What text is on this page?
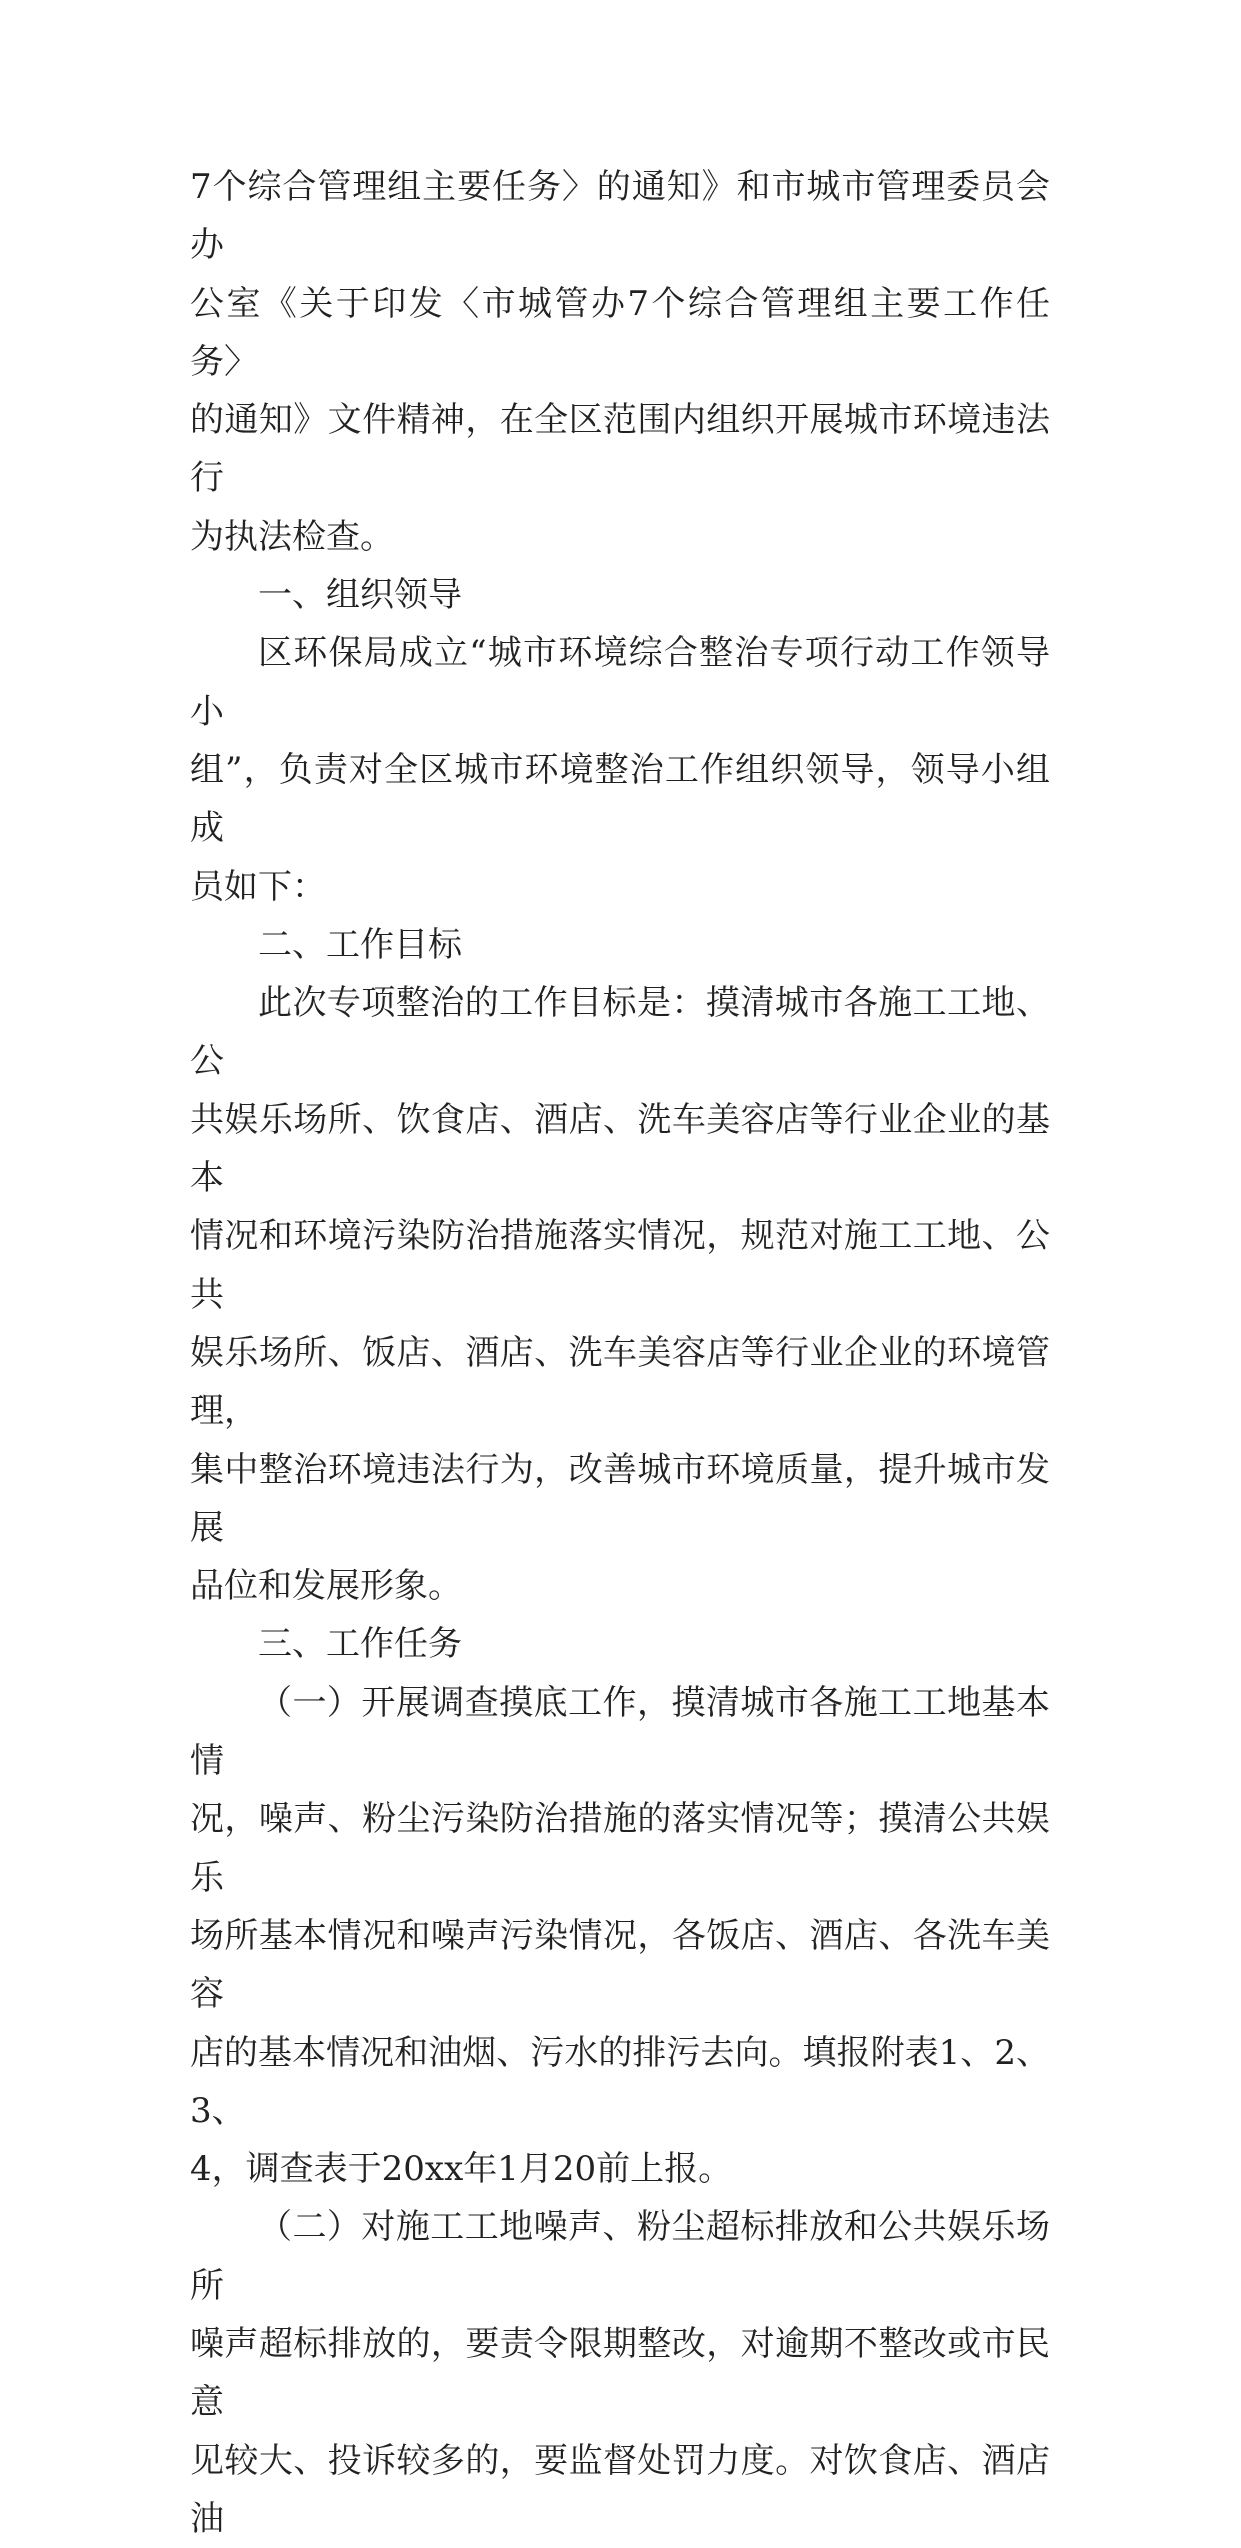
7个综合管理组主要任务〉的通知》和市城市管理委员会办
公室《关于印发〈市城管办7个综合管理组主要工作任务〉
的通知》文件精神，在全区范围内组织开展城市环境违法行
为执法检查。

一、组织领导

区环保局成立“城市环境综合整治专项行动工作领导小
组”，负责对全区城市环境整治工作组织领导，领导小组成
员如下：

二、工作目标

此次专项整治的工作目标是：摸清城市各施工工地、公
共娱乐场所、饮食店、酒店、洗车美容店等行业企业的基本
情况和环境污染防治措施落实情况，规范对施工工地、公共
娱乐场所、饭店、酒店、洗车美容店等行业企业的环境管理，
集中整治环境违法行为，改善城市环境质量，提升城市发展
品位和发展形象。

三、工作任务

（一）开展调查摸底工作，摸清城市各施工工地基本情
况，噪声、粉尘污染防治措施的落实情况等；摸清公共娱乐
场所基本情况和噪声污染情况，各饭店、酒店、各洗车美容
店的基本情况和油烟、污水的排污去向。填报附表1、2、3、
4，调查表于20xx年1月20前上报。

（二）对施工工地噪声、粉尘超标排放和公共娱乐场所
噪声超标排放的，要责令限期整改，对逾期不整改或市民意
见较大、投诉较多的，要监督处罚力度。对饮食店、酒店油
